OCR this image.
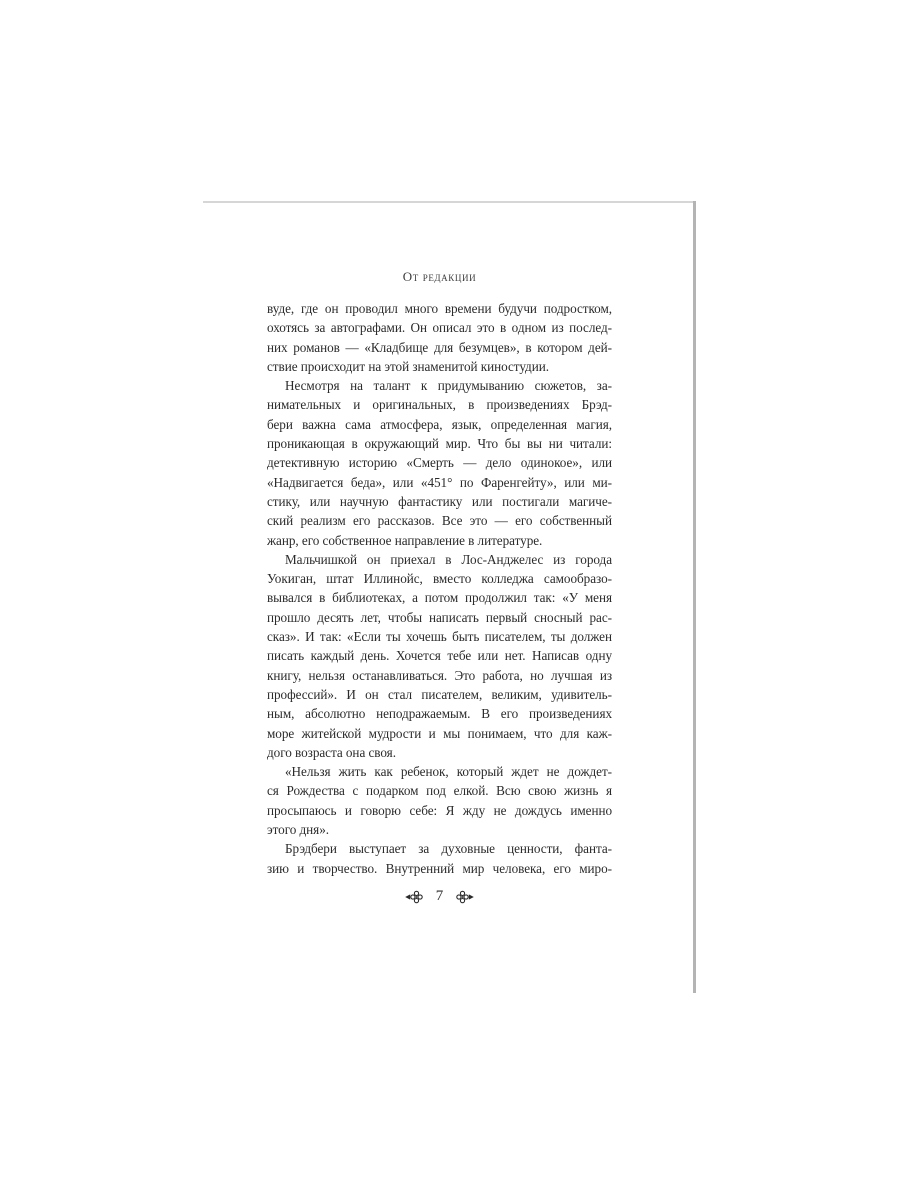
От редакции
вуде, где он проводил много времени будучи подростком,
охотясь за автографами. Он описал это в одном из послед-
них романов — «Кладбище для безумцев», в котором дей-
ствие происходит на этой знаменитой киностудии.
Несмотря на талант к придумыванию сюжетов, за-
нимательных и оригинальных, в произведениях Брэд-
бери важна сама атмосфера, язык, определенная магия,
проникающая в окружающий мир. Что бы вы ни читали:
детективную историю «Смерть — дело одинокое», или
«Надвигается беда», или «451° по Фаренгейту», или ми-
стику, или научную фантастику или постигали магиче-
ский реализм его рассказов. Все это — его собственный
жанр, его собственное направление в литературе.
Мальчишкой он приехал в Лос-Анджелес из города
Уокиган, штат Иллинойс, вместо колледжа самообразо-
вывался в библиотеках, а потом продолжил так: «У меня
прошло десять лет, чтобы написать первый сносный рас-
сказ». И так: «Если ты хочешь быть писателем, ты должен
писать каждый день. Хочется тебе или нет. Написав одну
книгу, нельзя останавливаться. Это работа, но лучшая из
профессий». И он стал писателем, великим, удивитель-
ным, абсолютно неподражаемым. В его произведениях
море житейской мудрости и мы понимаем, что для каж-
дого возраста она своя.
«Нельзя жить как ребенок, который ждет не дождет-
ся Рождества с подарком под елкой. Всю свою жизнь я
просыпаюсь и говорю себе: Я жду не дождусь именно
этого дня».
Брэдбери выступает за духовные ценности, фанта-
зию и творчество. Внутренний мир человека, его миро-
7
